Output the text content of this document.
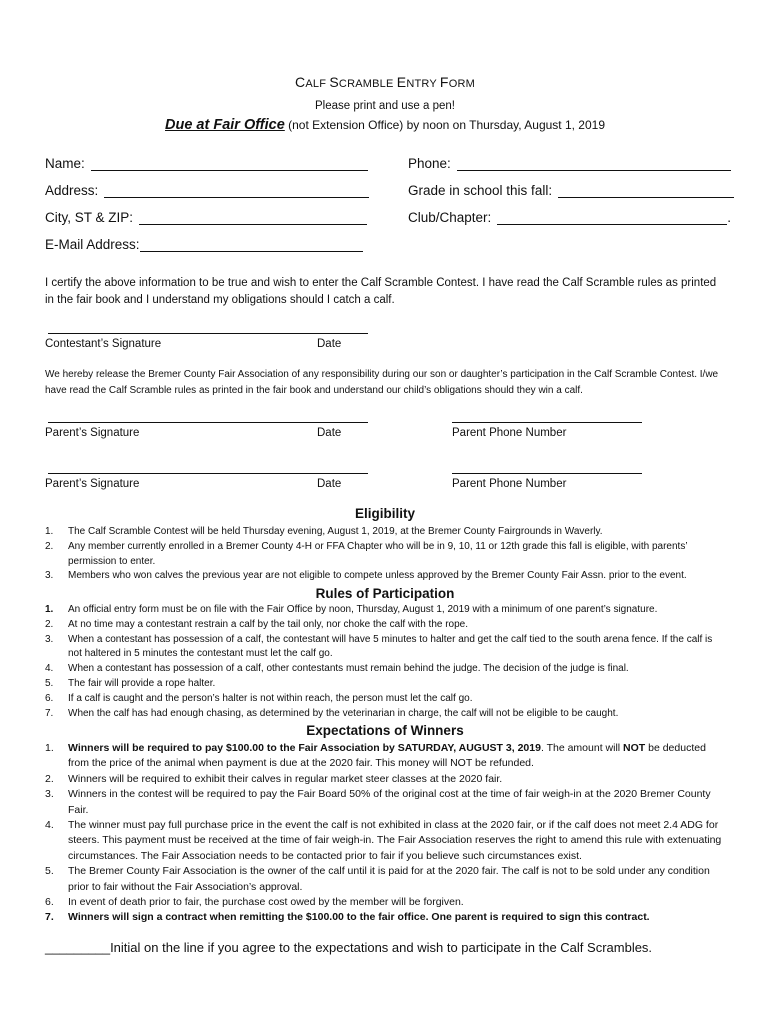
CALF SCRAMBLE ENTRY FORM
Please print and use a pen!
Due at Fair Office (not Extension Office) by noon on Thursday, August 1, 2019
Name:	Phone:
Address:	Grade in school this fall:
City, ST & ZIP:	Club/Chapter:	.
E-Mail Address:
I certify the above information to be true and wish to enter the Calf Scramble Contest. I have read the Calf Scramble rules as printed in the fair book and I understand my obligations should I catch a calf.
Contestant’s Signature	Date
We hereby release the Bremer County Fair Association of any responsibility during our son or daughter’s participation in the Calf Scramble Contest. I/we have read the Calf Scramble rules as printed in the fair book and understand our child’s obligations should they win a calf.
Parent’s Signature	Date	Parent Phone Number
Parent’s Signature	Date	Parent Phone Number
Eligibility
1. The Calf Scramble Contest will be held Thursday evening, August 1, 2019, at the Bremer County Fairgrounds in Waverly.
2. Any member currently enrolled in a Bremer County 4-H or FFA Chapter who will be in 9, 10, 11 or 12th grade this fall is eligible, with parents’ permission to enter.
3. Members who won calves the previous year are not eligible to compete unless approved by the Bremer County Fair Assn. prior to the event.
Rules of Participation
1. An official entry form must be on file with the Fair Office by noon, Thursday, August 1, 2019 with a minimum of one parent’s signature.
2. At no time may a contestant restrain a calf by the tail only, nor choke the calf with the rope.
3. When a contestant has possession of a calf, the contestant will have 5 minutes to halter and get the calf tied to the south arena fence. If the calf is not haltered in 5 minutes the contestant must let the calf go.
4. When a contestant has possession of a calf, other contestants must remain behind the judge. The decision of the judge is final.
5. The fair will provide a rope halter.
6. If a calf is caught and the person’s halter is not within reach, the person must let the calf go.
7. When the calf has had enough chasing, as determined by the veterinarian in charge, the calf will not be eligible to be caught.
Expectations of Winners
1. Winners will be required to pay $100.00 to the Fair Association by SATURDAY, AUGUST 3, 2019. The amount will NOT be deducted from the price of the animal when payment is due at the 2020 fair. This money will NOT be refunded.
2. Winners will be required to exhibit their calves in regular market steer classes at the 2020 fair.
3. Winners in the contest will be required to pay the Fair Board 50% of the original cost at the time of fair weigh-in at the 2020 Bremer County Fair.
4. The winner must pay full purchase price in the event the calf is not exhibited in class at the 2020 fair, or if the calf does not meet 2.4 ADG for steers. This payment must be received at the time of fair weigh-in. The Fair Association reserves the right to amend this rule with extenuating circumstances. The Fair Association needs to be contacted prior to fair if you believe such circumstances exist.
5. The Bremer County Fair Association is the owner of the calf until it is paid for at the 2020 fair. The calf is not to be sold under any condition prior to fair without the Fair Association’s approval.
6. In event of death prior to fair, the purchase cost owed by the member will be forgiven.
7. Winners will sign a contract when remitting the $100.00 to the fair office. One parent is required to sign this contract.
_________Initial on the line if you agree to the expectations and wish to participate in the Calf Scrambles.
